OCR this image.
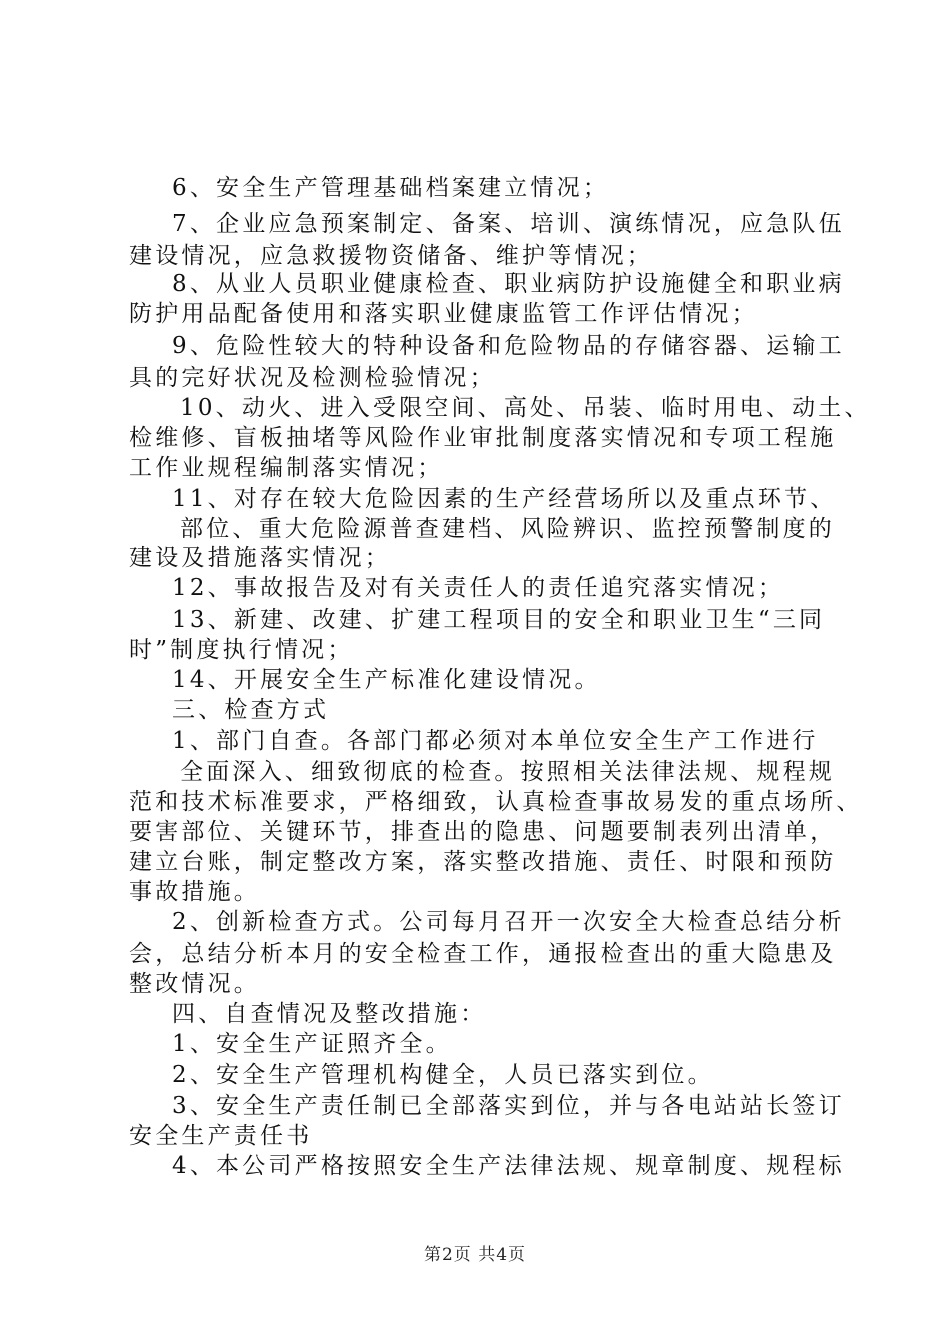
6、安全生产管理基础档案建立情况；
7、企业应急预案制定、备案、培训、演练情况，应急队伍
建设情况，应急救援物资储备、维护等情况；
8、从业人员职业健康检查、职业病防护设施健全和职业病
防护用品配备使用和落实职业健康监管工作评估情况；
9、危险性较大的特种设备和危险物品的存储容器、运输工
具的完好状况及检测检验情况；
10、动火、进入受限空间、高处、吊装、临时用电、动土、
检维修、盲板抽堵等风险作业审批制度落实情况和专项工程施
工作业规程编制落实情况；
11、对存在较大危险因素的生产经营场所以及重点环节、
部位、重大危险源普查建档、风险辨识、监控预警制度的
建设及措施落实情况；
12、事故报告及对有关责任人的责任追究落实情况；
13、新建、改建、扩建工程项目的安全和职业卫生“三同
时”制度执行情况；
14、开展安全生产标准化建设情况。
三、检查方式
1、部门自查。各部门都必须对本单位安全生产工作进行
全面深入、细致彻底的检查。按照相关法律法规、规程规
范和技术标准要求，严格细致，认真检查事故易发的重点场所、
要害部位、关键环节，排查出的隐患、问题要制表列出清单，
建立台账，制定整改方案，落实整改措施、责任、时限和预防
事故措施。
2、创新检查方式。公司每月召开一次安全大检查总结分析
会，总结分析本月的安全检查工作，通报检查出的重大隐患及
整改情况。
四、自查情况及整改措施：
1、安全生产证照齐全。
2、安全生产管理机构健全，人员已落实到位。
3、安全生产责任制已全部落实到位，并与各电站站长签订
安全生产责任书
4、本公司严格按照安全生产法律法规、规章制度、规程标
第2页 共4页
